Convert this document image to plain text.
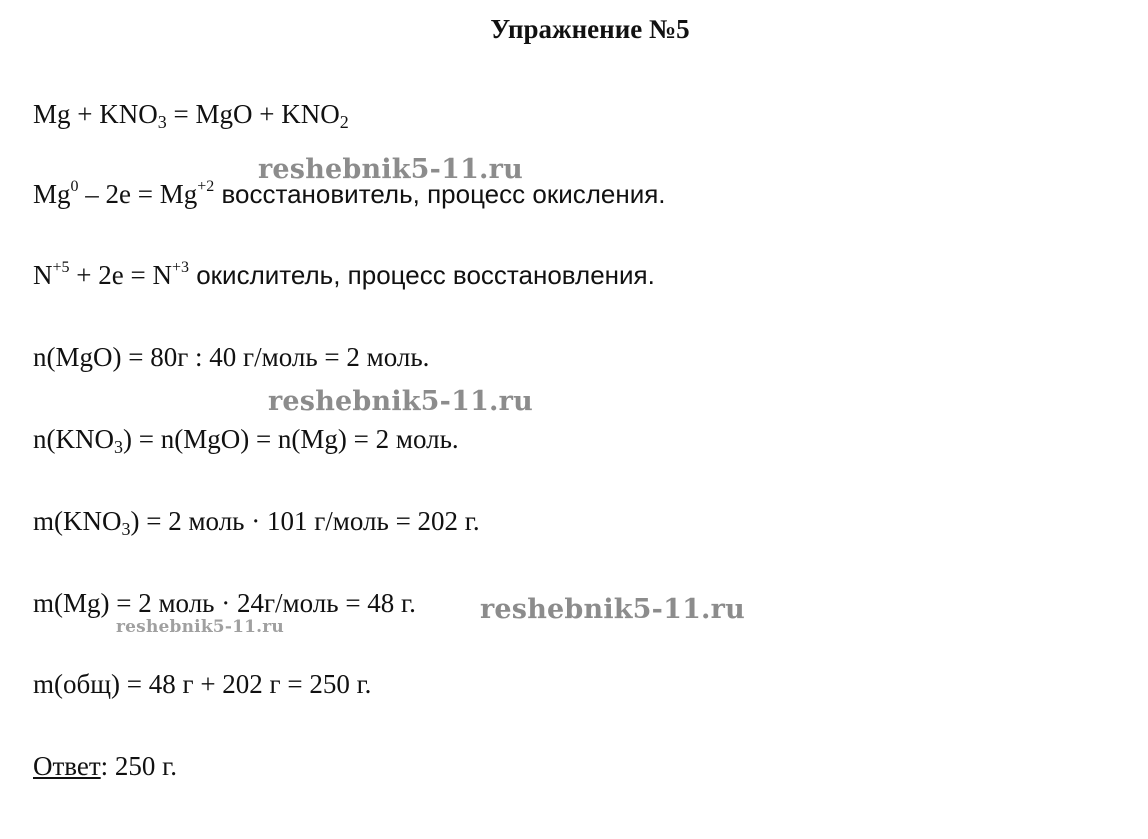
Упражнение №5
$Mg + KNO_3$ = MgO + $KNO_2$
$Mg^0 - 2e = Mg^{+2}$ восстановитель, процесс окисления.
$N^{+5} + 2e = N^{+3}$ окислитель, процесс восстановления.
n(MgO) = 80г : 40 г/моль = 2 моль.
$n(KNO_3) = n(MgO) = n(Mg) = 2$ моль.
$m(KNO_3) = 2$ моль · 101 г/моль = 202 г.
m(Mg) = 2 моль · 24г/моль = 48 г.
m(общ) = 48 г + 202 г = 250 г.
Ответ: 250 г.
reshebnik5-11.ru
reshebnik5-11.ru
reshebnik5-11.ru
reshebnik5-11.ru
